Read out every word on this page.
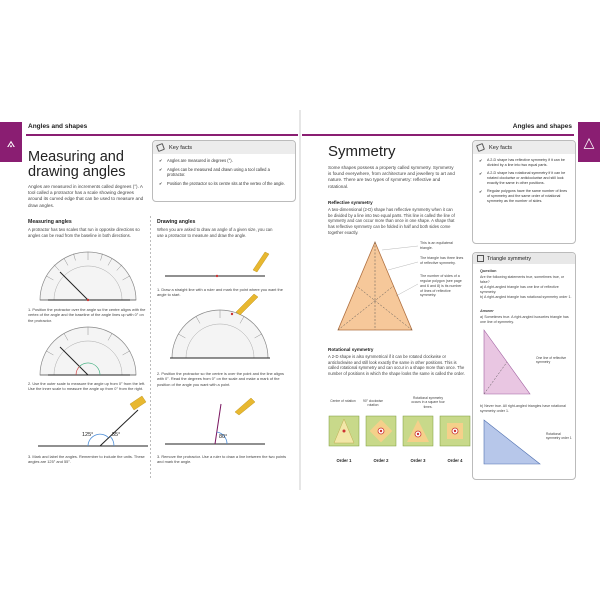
⟑
Angles and shapes
Measuring and drawing angles
Angles are measured in increments called degrees (°). A tool called a protractor has a scale showing degrees around its curved edge that can be used to measure and draw angles.
Key facts
✔ Angles are measured in degrees (°).
✔ Angles can be measured and drawn using a tool called a protractor.
✔ Position the protractor so its centre sits at the vertex of the angle.
Measuring angles
A protractor has two scales that run in opposite directions so angles can be read from the baseline in both directions.
1. Position the protractor over the angle so the centre aligns with the vertex of the angle and the baseline of the angle lines up with 0° on the protractor.
2. Use the outer scale to measure the angle up from 0° from the left. Use the inner scale to measure the angle up from 0° from the right.
125°	55°
3. Mark and label the angles. Remember to include the units. These angles are 125° and 55°.
Drawing angles
When you are asked to draw an angle of a given size, you can use a protractor to measure and draw the angle.
1. Draw a straight line with a ruler and mark the point where you want the angle to start.
2. Position the protractor so the centre is over the point and the line aligns with 0°. Read the degrees from 0° on the scale and make a mark of the position of the angle you want with a point.
80°
3. Remove the protractor. Use a ruler to draw a line between the two points and mark the angle.
Angles and shapes
△
Symmetry
Some shapes possess a property called symmetry. Symmetry is found everywhere, from architecture and jewellery to art and nature. There are two types of symmetry: reflective and rotational.
Reflective symmetry
A two-dimensional (2-D) shape has reflective symmetry when it can be divided by a line into two equal parts. This line is called the line of symmetry and can occur more than once in one shape. A shape that has reflective symmetry can be folded in half and both sides come together exactly.
This is an equilateral triangle.
The triangle has three lines of reflective symmetry.
The number of sides of a regular polygon (see page and 6 and 8) is its number of lines of reflective symmetry.
Rotational symmetry
A 2-D shape is also symmetrical if it can be rotated clockwise or anticlockwise and still look exactly the same in other positions. This is called rotational symmetry and can occur in a shape more than once. The number of positions in which the shape looks the same is called the order.
Centre of rotation	90° clockwise rotation
Rotational symmetry occurs in a square four times.
Order 1	Order 2	Order 3	Order 4
Key facts
✔ A 2-D shape has reflective symmetry if it can be divided by a line into two equal parts.
✔ A 2-D shape has rotational symmetry if it can be rotated clockwise or anticlockwise and still look exactly the same in other positions.
✔ Regular polygons have the same number of lines of symmetry and the same order of rotational symmetry as the number of sides.
Triangle symmetry
Question
Are the following statements true, sometimes true, or false?
a) A right-angled triangle has one line of reflective symmetry.
b) A right-angled triangle has rotational symmetry order 1.
Answer
a) Sometimes true. A right-angled isosceles triangle has one line of symmetry.
One line of reflective symmetry
b) Never true. All right-angled triangles have rotational symmetry order 1.
Rotational symmetry order 1
